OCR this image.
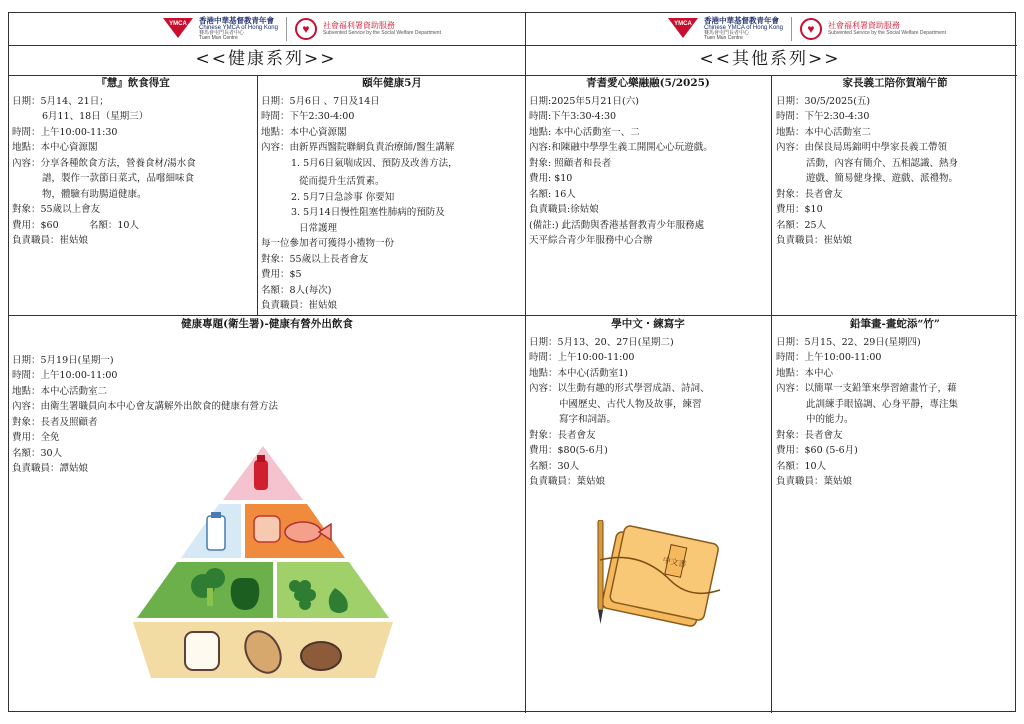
YMCA	香港中華基督教青年會
Chinese YMCA of Hong Kong
賽馬會屯門長者中心
Tuen Mun Centre
♥	社會福利署資助服務
Subvented Service by the Social Welfare Department
YMCA	香港中華基督教青年會
Chinese YMCA of Hong Kong
賽馬會屯門長者中心
Tuen Mun Centre
♥	社會福利署資助服務
Subvented Service by the Social Welfare Department
<<健康系列>>	<<其他系列>>
『慧』飲食得宜

日期：5月14、21日；

6月11、18日（星期三）

時間：上午10:00-11:30

地點：本中心資源閣

內容：分享各種飲食方法，營養食材/湯水食

譜，製作一款節日菜式，品嚐細味食

物，體驗有助腸道健康。

對象：55歲以上會友

費用：$60          名額：10人

負責職員：崔姑娘

頤年健康5月

日期：5月6日 、7日及14日

時間：下午2:30-4:00

地點：本中心資源閣

內容：由新界西醫院聯網負責治療師/醫生講解

1. 5月6日氣喘成因、預防及改善方法，

從而提升生活質素。

2. 5月7日急診事 你要知

3. 5月14日慢性阻塞性肺病的預防及

日常護理

每一位參加者可獲得小禮物一份

對象：55歲以上長者會友

費用：$5

名額：8人(每次)

負責職員：崔姑娘

青耆愛心樂融融(5/2025)

日期:2025年5月21日(六)

時間:下午3:30-4:30

地點: 本中心活動室一、二

內容:和陳融中學學生義工開開心心玩遊戲。

對象: 照顧者和長者

費用: $10

名額: 16人

負責職員:徐姑娘

(備註:) 此活動與香港基督教青少年服務處

天平綜合青少年服務中心合辦

家長義工陪你賀端午節

日期：30/5/2025(五)

時間：下午2:30-4:30

地點：本中心活動室二

內容：由保良局馬錦明中學家長義工帶領

活動，內容有簡介、五相認識、熱身

遊戲、簡易健身操、遊戲、派禮物。

對象：長者會友

費用：$10

名額：25人

負責職員：崔姑娘

健康專題(衛生署)-健康有營外出飲食

日期：5月19日(星期一)

時間：上午10:00-11:00

地點：本中心活動室二

內容：由衛生署職員向本中心會友講解外出飲食的健康有營方法

對象：長者及照顧者

費用：全免

名額：30人

負責職員：譚姑娘

學中文・練寫字

日期：5月13、20、27日(星期二)

時間：上午10:00-11:00

地點：本中心(活動室1)

內容：以生動有趣的形式學習成語、詩詞、

中國歷史、古代人物及故事，練習

寫字和詞語。

對象：長者會友

費用：$80(5-6月)

名額：30人

負責職員：葉姑娘

鉛筆畫-畫蛇添“竹”

日期：5月15、22、29日(星期四)

時間：上午10:00-11:00

地點：本中心

內容：以簡單一支鉛筆來學習繪畫竹子，藉

此訓練手眼協調、心身平靜，專注集

中的能力。

對象：長者會友

費用：$60 (5-6月)

名額：10人

負責職員：葉姑娘

中文書
